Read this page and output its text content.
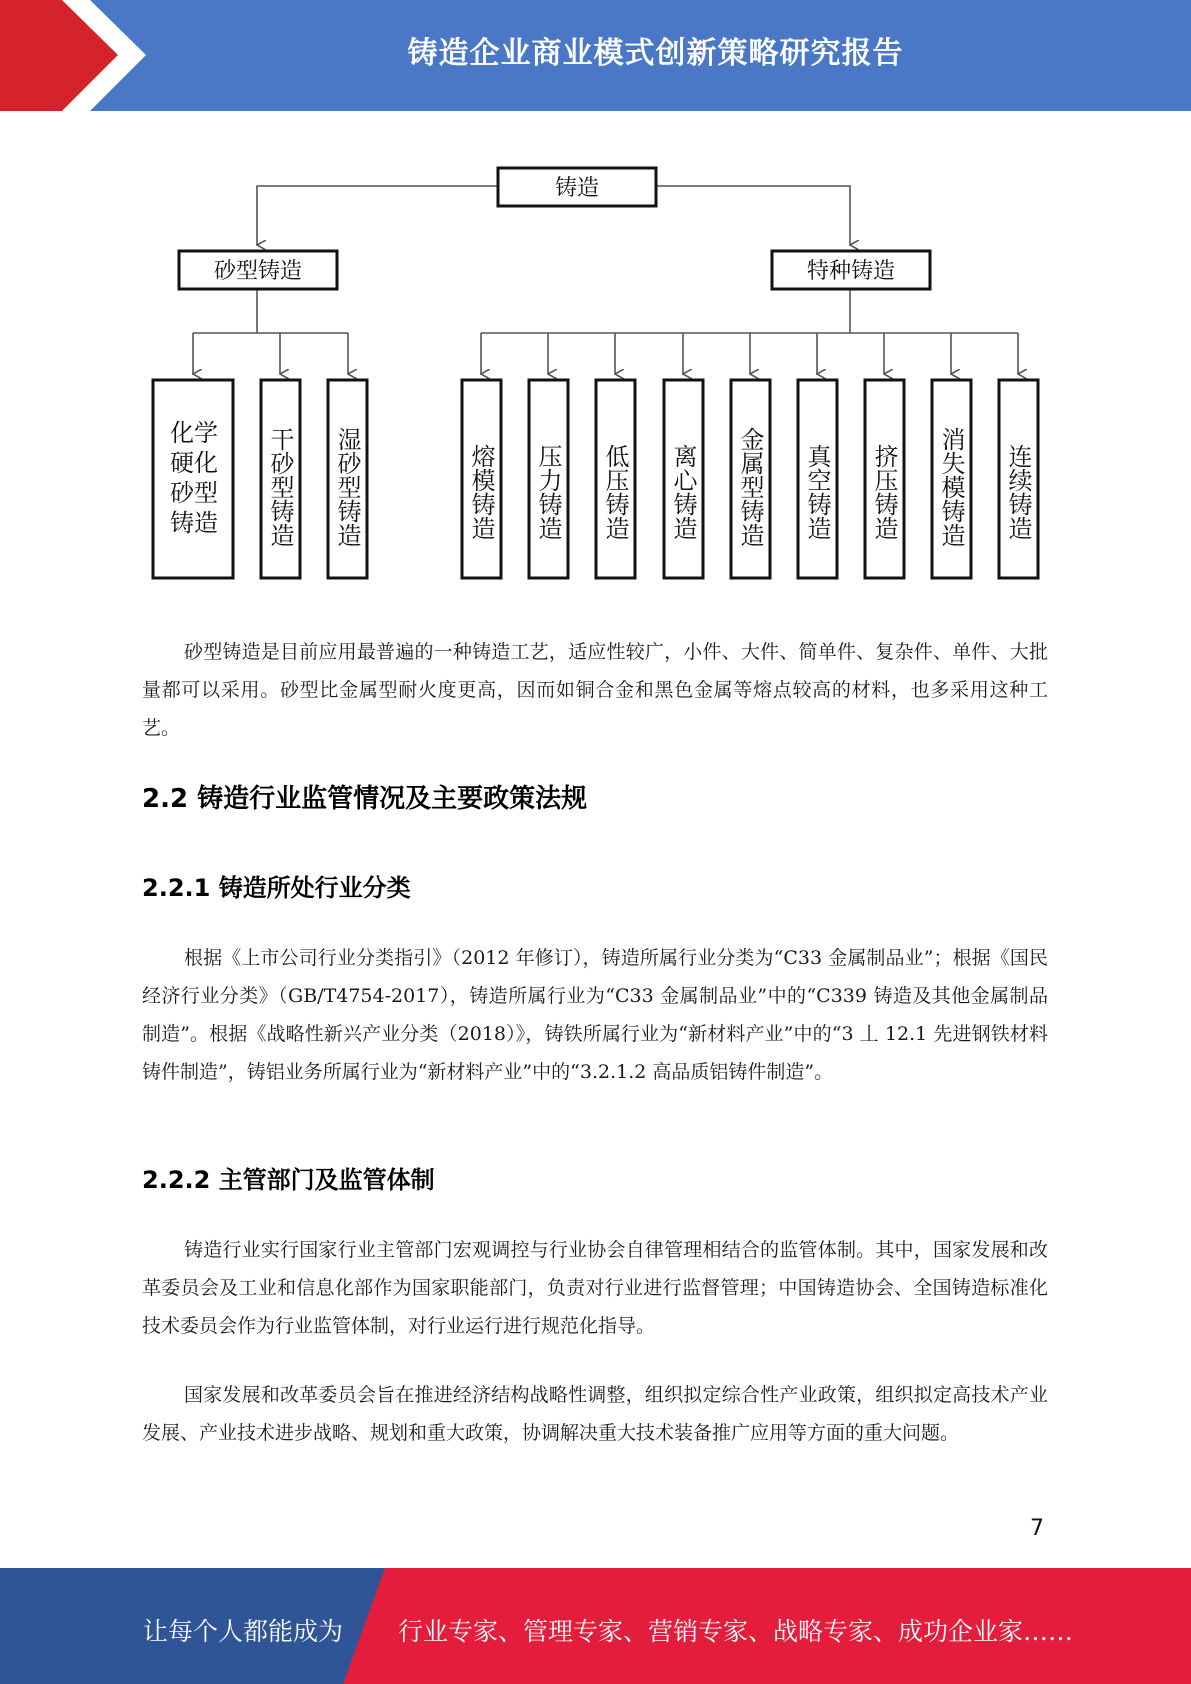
铸造企业商业模式创新策略研究报告
铸造
砂型铸造	特种铸造
化学硬化砂型铸造 干砂型铸造 湿砂型铸造	熔模铸造 压力铸造 低压铸造 离心铸造 金属型铸造 真空铸造 挤压铸造 消失模铸造 连续铸造

砂型铸造是目前应用最普遍的一种铸造工艺，适应性较广，小件、大件、简单件、复杂件、单件、大批量都可以采用。砂型比金属型耐火度更高，因而如铜合金和黑色金属等熔点较高的材料，也多采用这种工艺。

2.2 铸造行业监管情况及主要政策法规
2.2.1 铸造所处行业分类

根据《上市公司行业分类指引》（2012 年修订），铸造所属行业分类为“C33 金属制品业”；根据《国民经济行业分类》（GB/T4754-2017），铸造所属行业为“C33 金属制品业”中的“C339 铸造及其他金属制品制造”。根据《战略性新兴产业分类（2018）》，铸铁所属行业为“新材料产业”中的“3 丄 12.1 先进钢铁材料铸件制造”，铸铝业务所属行业为“新材料产业”中的“3.2.1.2 高品质铝铸件制造”。

2.2.2 主管部门及监管体制

铸造行业实行国家行业主管部门宏观调控与行业协会自律管理相结合的监管体制。其中，国家发展和改革委员会及工业和信息化部作为国家职能部门，负责对行业进行监督管理；中国铸造协会、全国铸造标准化技术委员会作为行业监管体制，对行业运行进行规范化指导。

国家发展和改革委员会旨在推进经济结构战略性调整，组织拟定综合性产业政策，组织拟定高技术产业发展、产业技术进步战略、规划和重大政策，协调解决重大技术装备推广应用等方面的重大问题。

7
让每个人都能成为 行业专家、管理专家、营销专家、战略专家、成功企业家……
